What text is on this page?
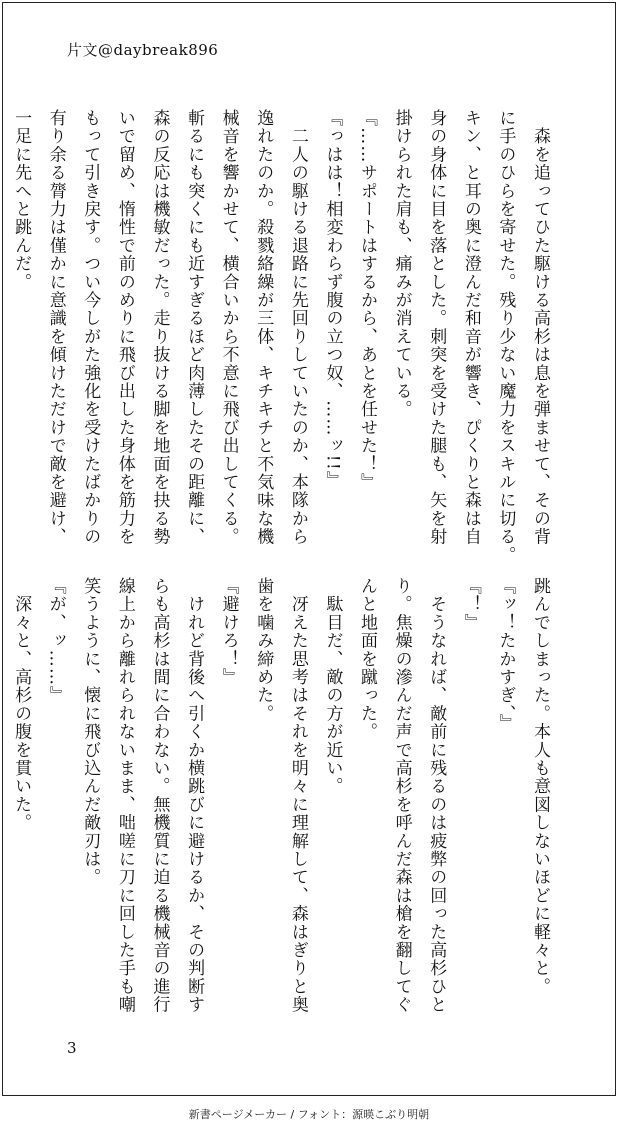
片文@daybreak896
　森を追ってひた駆ける高杉は息を弾ませて、その背
に手のひらを寄せた。残り少ない魔力をスキルに切る。
キン、と耳の奥に澄んだ和音が響き、ぴくりと森は自
身の身体に目を落とした。刺突を受けた腿も、矢を射
掛けられた肩も、痛みが消えている。
『……サポートはするから、あとを任せた！』
『っはは！相変わらず腹の立つ奴、……ッ!!』
　二人の駆ける退路に先回りしていたのか、本隊から
逸れたのか。殺戮絡繰が三体、キチキチと不気味な機
械音を響かせて、横合いから不意に飛び出してくる。
斬るにも突くにも近すぎるほど肉薄したその距離に、
森の反応は機敏だった。走り抜ける脚を地面を抉る勢
いで留め、惰性で前のめりに飛び出した身体を筋力を
もって引き戻す。つい今しがた強化を受けたばかりの
有り余る膂力は僅かに意識を傾けただけで敵を避け、
一足に先へと跳んだ。
跳んでしまった。本人も意図しないほどに軽々と。
『ッ！たかすぎ、』
『！』
　そうなれば、敵前に残るのは疲弊の回った高杉ひと
り。焦燥の滲んだ声で高杉を呼んだ森は槍を翻してぐ
んと地面を蹴った。
　駄目だ、敵の方が近い。
　冴えた思考はそれを明々に理解して、森はぎりと奥
歯を噛み締めた。
『避けろ！』
　けれど背後へ引くか横跳びに避けるか、その判断す
らも高杉は間に合わない。無機質に迫る機械音の進行
線上から離れられないまま、咄嗟に刀に回した手も嘲
笑うように、懐に飛び込んだ敵刃は。
『が、ッ……』
　深々と、高杉の腹を貫いた。
3
新書ページメーカー / フォント：源暎こぶり明朝
